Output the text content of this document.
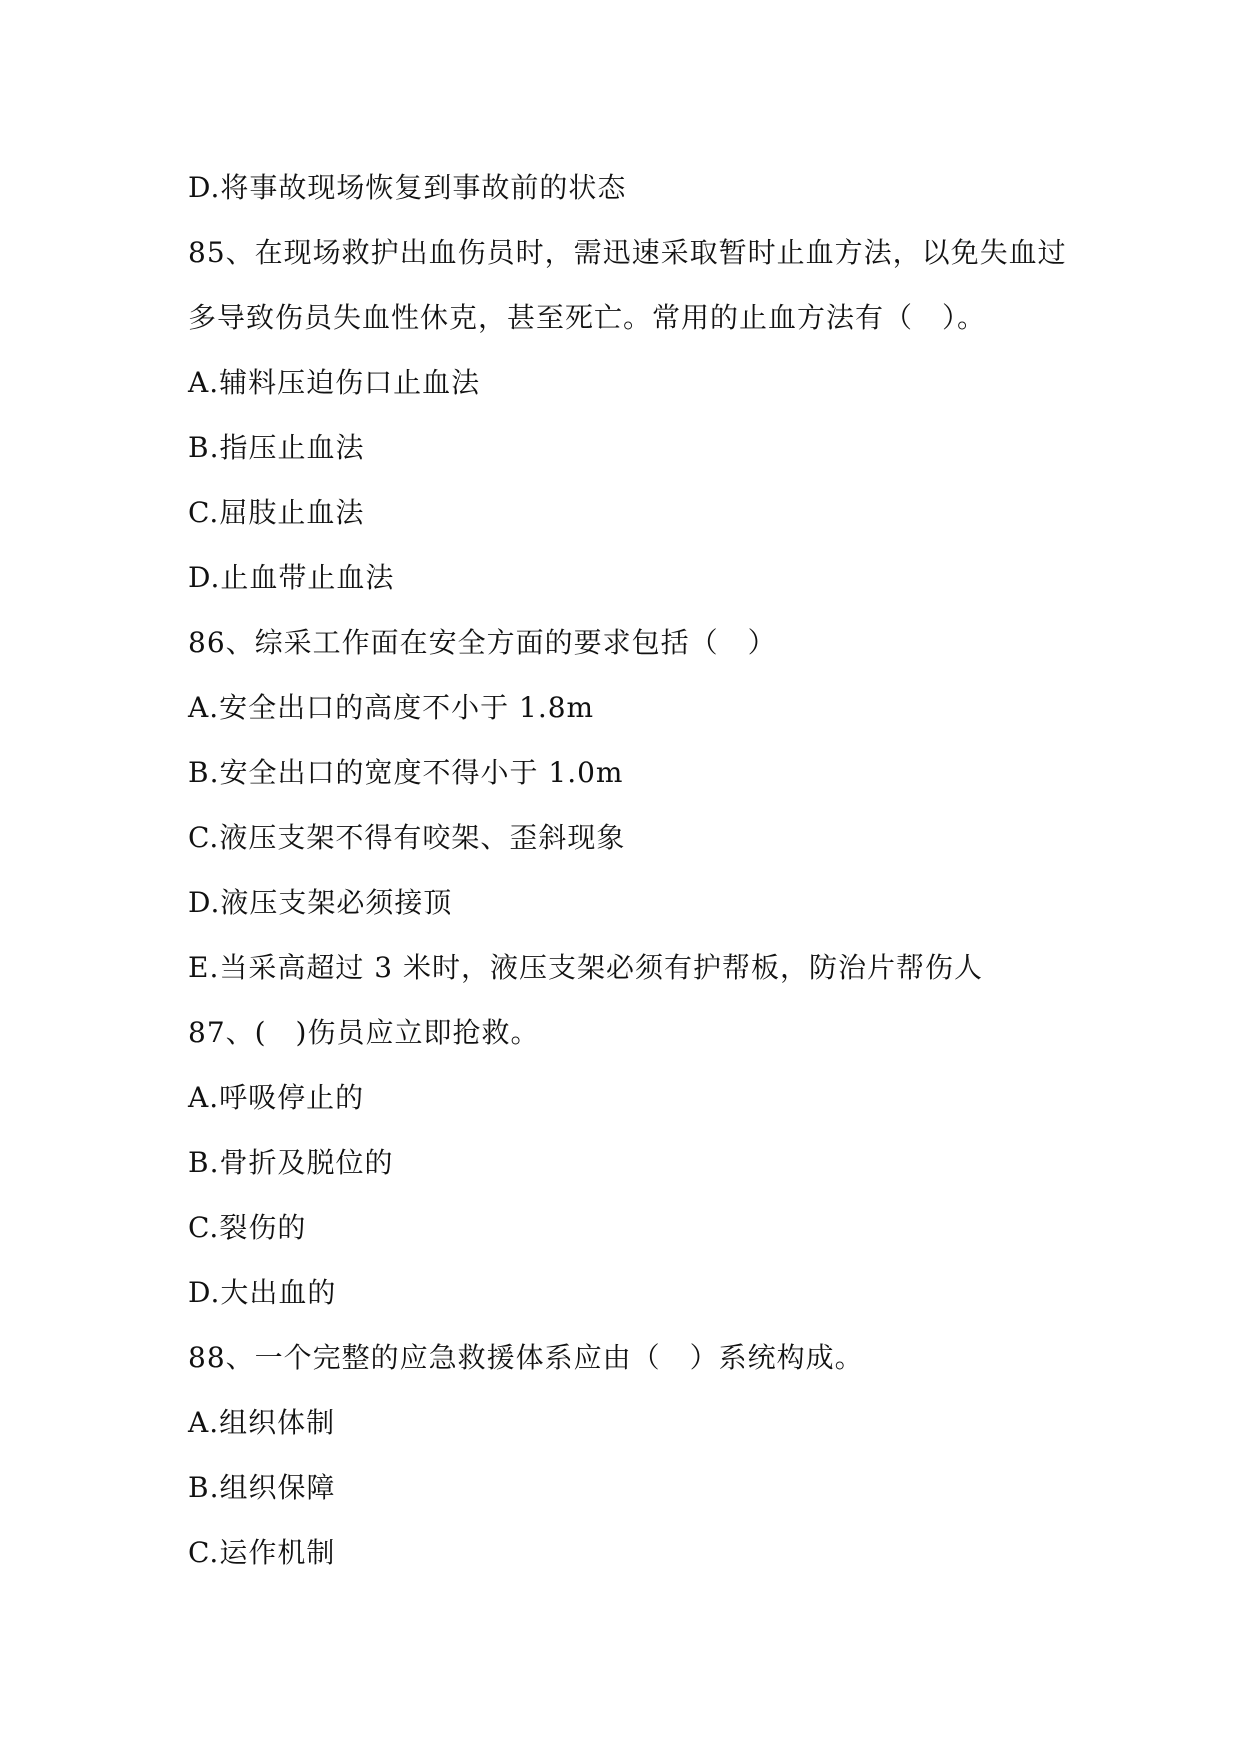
D.将事故现场恢复到事故前的状态
85、在现场救护出血伤员时，需迅速采取暂时止血方法，以免失血过
多导致伤员失血性休克，甚至死亡。常用的止血方法有（　）。
A.辅料压迫伤口止血法
B.指压止血法
C.屈肢止血法
D.止血带止血法
86、综采工作面在安全方面的要求包括（　）
A.安全出口的高度不小于 1.8m
B.安全出口的宽度不得小于 1.0m
C.液压支架不得有咬架、歪斜现象
D.液压支架必须接顶
E.当采高超过 3 米时，液压支架必须有护帮板，防治片帮伤人
87、(　)伤员应立即抢救。
A.呼吸停止的
B.骨折及脱位的
C.裂伤的
D.大出血的
88、一个完整的应急救援体系应由（　）系统构成。
A.组织体制
B.组织保障
C.运作机制
